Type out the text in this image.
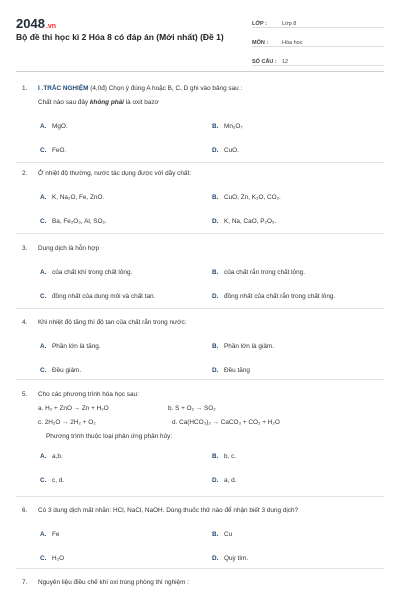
2048.vn
Bộ đề thi học kì 2 Hóa 8 có đáp án (Mới nhất) (Đề 1)
LỚP :	Lớp 8
MÔN :	Hóa học
SỐ CÂU : 12
1. I .TRẮC NGHIỆM (4,0đ) Chọn ý đúng A hoặc B, C, D ghi vào bảng sau :
Chất nào sau đây không phải là oxit bazơ
A. MgO.	B. Mn₂O₇
C. FeO.	D. CuO.
2. Ở nhiệt độ thường, nước tác dụng được với dãy chất:
A. K, Na₂O, Fe, ZnO.	B. CuO, Zn, K₂O, CO₂.
C. Ba, Fe₂O₃, Al, SO₂.	D. K, Na, CaO, P₂O₅.
3. Dung dịch là hỗn hợp
A. của chất khí trong chất lỏng.	B. của chất rắn trong chất lỏng.
C. đồng nhất của dung môi và chất tan.	D. đồng nhất của chất rắn trong chất lỏng.
4. Khi nhiệt độ tăng thì độ tan của chất rắn trong nước:
A. Phần lớn là tăng.	B. Phần lớn là giảm.
C. Đều giảm.	D. Đều tăng
5. Cho các phương trình hóa học sau:
a. H₂ + ZnO → Zn + H₂O	b. S + O₂ → SO₂
c. 2H₂O → 2H₂ + O₂	d. Ca(HCO₃)₂ → CaCO₃ + CO₂ + H₂O
Phương trình thuộc loại phản ứng phân hủy:
A. a,b.	B. b, c.
C. c, d.	D. a, d.
6. Có 3 dung dịch mất nhãn: HCl, NaCl, NaOH. Dùng thuốc thử nào để nhận biết 3 dung dịch?
A. Fe	B. Cu
C. H₂O	D. Quỳ tím.
7. Nguyên liệu điều chế khí oxi trong phòng thí nghiệm :
